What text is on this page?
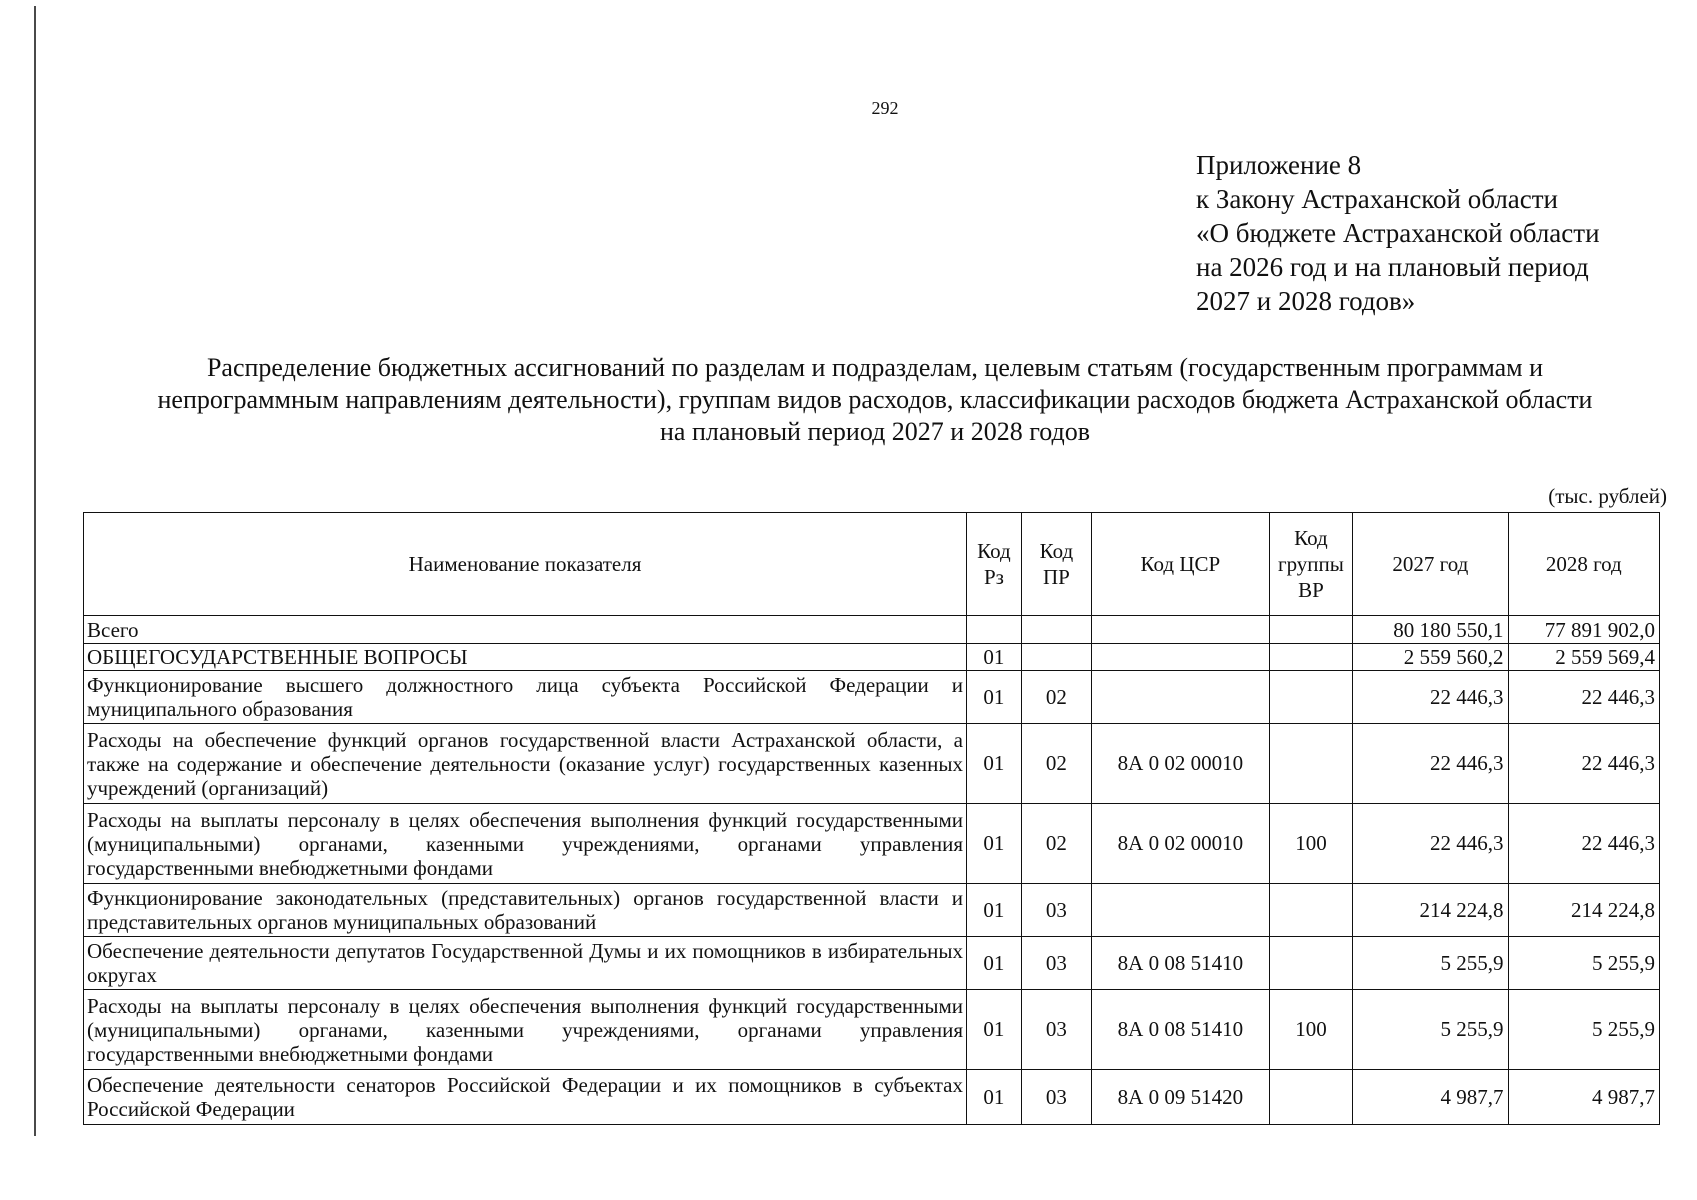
292
Приложение 8
к Закону Астраханской области
«О бюджете Астраханской области
на 2026 год и на плановый период
2027 и 2028 годов»
Распределение бюджетных ассигнований по разделам и подразделам, целевым статьям (государственным программам и
непрограммным направлениям деятельности), группам видов расходов, классификации расходов бюджета Астраханской области
на плановый период 2027 и 2028 годов
(тыс. рублей)
Наименование показателя	Код Рз	Код ПР	Код ЦСР	Код группы ВР	2027 год	2028 год
Всего					80 180 550,1	77 891 902,0
ОБЩЕГОСУДАРСТВЕННЫЕ ВОПРОСЫ	01				2 559 560,2	2 559 569,4
Функционирование высшего должностного лица субъекта Российской Федерации и муниципального образования	01	02			22 446,3	22 446,3
Расходы на обеспечение функций органов государственной власти Астраханской области, а также на содержание и обеспечение деятельности (оказание услуг) государственных казенных учреждений (организаций)	01	02	8А 0 02 00010		22 446,3	22 446,3
Расходы на выплаты персоналу в целях обеспечения выполнения функций государственными (муниципальными) органами, казенными учреждениями, органами управления государственными внебюджетными фондами	01	02	8А 0 02 00010	100	22 446,3	22 446,3
Функционирование законодательных (представительных) органов государственной власти и представительных органов муниципальных образований	01	03			214 224,8	214 224,8
Обеспечение деятельности депутатов Государственной Думы и их помощников в избирательных округах	01	03	8А 0 08 51410		5 255,9	5 255,9
Расходы на выплаты персоналу в целях обеспечения выполнения функций государственными (муниципальными) органами, казенными учреждениями, органами управления государственными внебюджетными фондами	01	03	8А 0 08 51410	100	5 255,9	5 255,9
Обеспечение деятельности сенаторов Российской Федерации и их помощников в субъектах Российской Федерации	01	03	8А 0 09 51420		4 987,7	4 987,7
